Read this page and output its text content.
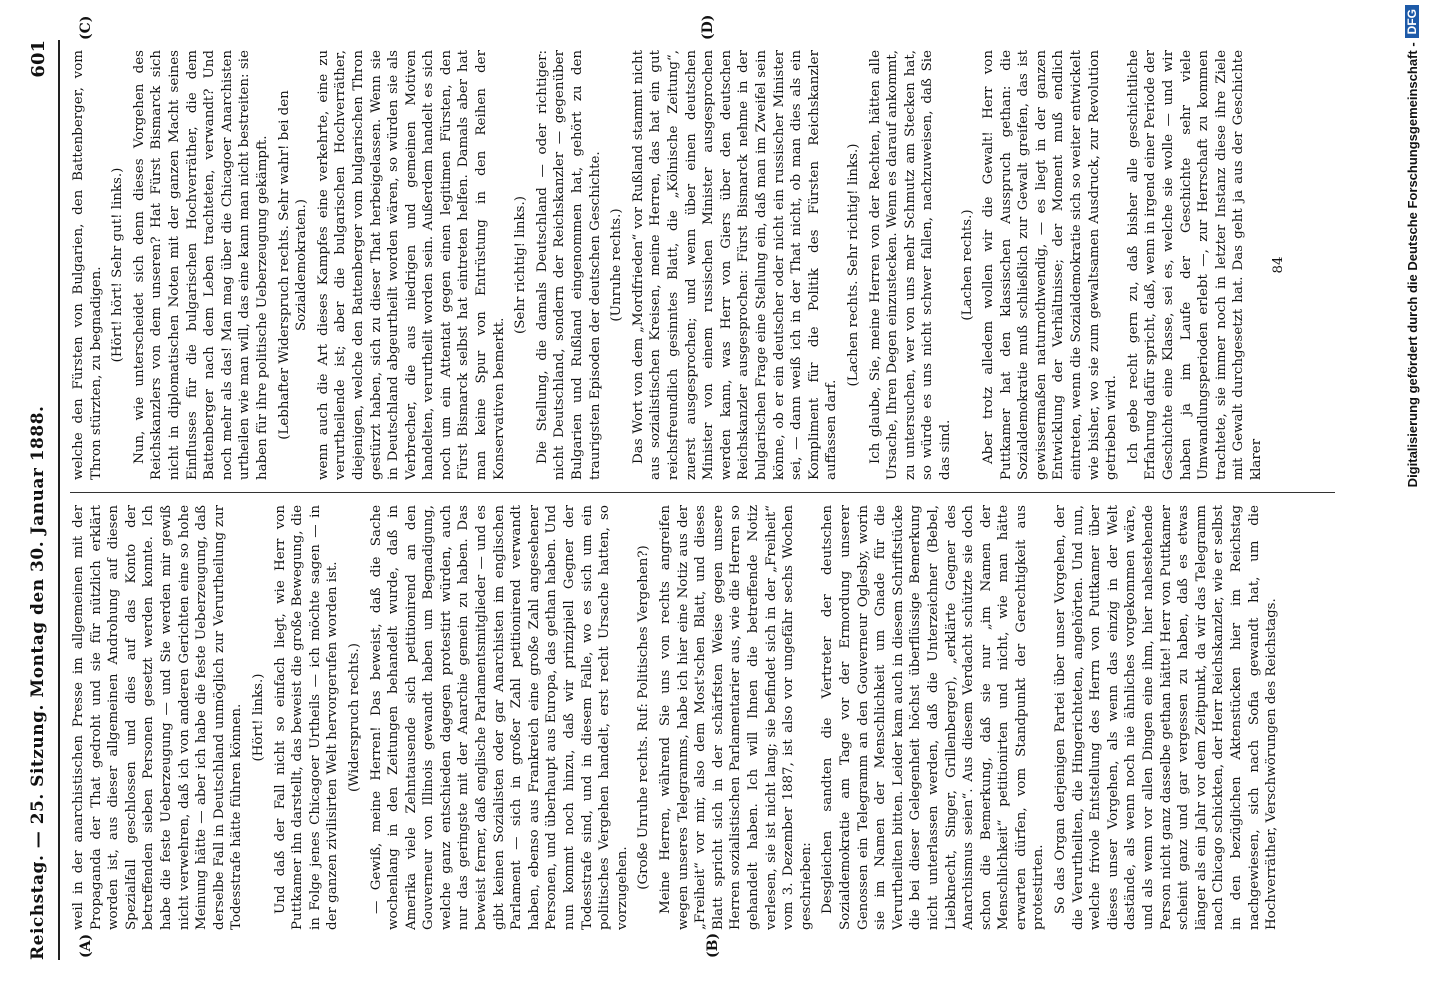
Reichstag. — 25. Sitzung. Montag den 30. Januar 1888.
601
(A)	(B)
(C)	(D)

weil in der anarchistischen Presse im allgemeinen mit der Propaganda der That gedroht und sie für nützlich erklärt worden ist, aus dieser allgemeinen Androhung auf diesen Spezialfall geschlossen und dies auf das Konto der betreffenden sieben Personen gesetzt werden konnte. Ich habe die feste Ueberzeugung — und Sie werden mir gewiß nicht verwehren, daß ich von anderen Gerichten eine so hohe Meinung hätte — aber ich habe die feste Ueberzeugung, daß derselbe Fall in Deutschland unmöglich zur Verurtheilung zur Todesstrafe hätte führen können. (Hört! links.) Und daß der Fall nicht so einfach liegt, wie Herr von Puttkamer ihn darstellt, das beweist die große Bewegung, die in Folge jenes Chicagoer Urtheils — ich möchte sagen — in der ganzen zivilisirten Welt hervorgerufen worden ist. (Widerspruch rechts.) — Gewiß, meine Herren! Das beweist, daß die Sache wochenlang in den Zeitungen behandelt wurde, daß in Amerika viele Zehntausende sich petitionirend an den Gouverneur von Illinois gewandt haben um Begnadigung, welche ganz entschieden dagegen protestirt würden, auch nur das geringste mit der Anarchie gemein zu haben. Das beweist ferner, daß englische Parlamentsmitglieder — und es gibt keinen Sozialisten oder gar Anarchisten im englischen Parlament — sich in großer Zahl petitionirend verwandt haben, ebenso aus Frankreich eine große Zahl angesehener Personen, und überhaupt aus Europa, das gethan haben. Und nun kommt noch hinzu, daß wir prinzipiell Gegner der Todesstrafe sind, und in diesem Falle, wo es sich um ein politisches Vergehen handelt, erst recht Ursache hatten, so vorzugehen. (Große Unruhe rechts. Ruf: Politisches Vergehen?) Meine Herren, während Sie uns von rechts angreifen wegen unseres Telegramms, habe ich hier eine Notiz aus der „Freiheit“ vor mir, also dem Most'schen Blatt, und dieses Blatt spricht sich in der schärfsten Weise gegen unsere Herren sozialistischen Parlamentarier aus, wie die Herren so gehandelt haben. Ich will Ihnen die betreffende Notiz verlesen, sie ist nicht lang; sie befindet sich in der „Freiheit“ vom 3. Dezember 1887, ist also vor ungefähr sechs Wochen geschrieben: Desgleichen sandten die Vertreter der deutschen Sozialdemokratie am Tage vor der Ermordung unserer Genossen ein Telegramm an den Gouverneur Oglesby, worin sie im Namen der Menschlichkeit um Gnade für die Verurtheilten bitten. Leider kam auch in diesem Schriftstücke die bei dieser Gelegenheit höchst überflüssige Bemerkung nicht unterlassen werden, daß die Unterzeichner (Bebel, Liebknecht, Singer, Grillenberger), „erklärte Gegner des Anarchismus seien“. Aus diesem Verdacht schützte sie doch schon die Bemerkung, daß sie nur „im Namen der Menschlichkeit“ petitionirten und nicht, wie man hätte erwarten dürfen, vom Standpunkt der Gerechtigkeit aus protestirten. So das Organ derjenigen Partei über unser Vorgehen, der die Verurtheilten, die Hingerichteten, angehörten. Und nun, welche frivole Entstellung des Herrn von Puttkamer über dieses unser Vorgehen, als wenn das einzig in der Welt dastände, als wenn noch nie ähnliches vorgekommen wäre, und als wenn vor allen Dingen eine ihm, hier nahestehende Person nicht ganz dasselbe gethan hätte! Herr von Puttkamer scheint ganz und gar vergessen zu haben, daß es etwas länger als ein Jahr vor dem Zeitpunkt, da wir das Telegramm nach Chicago schickten, der Herr Reichskanzler, wie er selbst in den bezüglichen Aktenstücken hier im Reichstag nachgewiesen, sich nach Sofia gewandt hat, um die Hochverräther, Verschwörungen des Reichstags.

welche den Fürsten von Bulgarien, den Battenberger, vom Thron stürzten, zu begnadigen.

(Hört! hört! Sehr gut! links.) Nun, wie unterscheidet sich denn dieses Vorgehen des Reichskanzlers von dem unseren? Hat Fürst Bismarck sich nicht in diplomatischen Noten mit der ganzen Macht seines Einflusses für die bulgarischen Hochverräther, die dem Battenberger nach dem Leben trachteten, verwandt? Und noch mehr als das! Man mag über die Chicagoer Anarchisten urtheilen wie man will, das eine kann man nicht bestreiten: sie haben für ihre politische Ueberzeugung gekämpft. (Lebhafter Widerspruch rechts. Sehr wahr! bei den Sozialdemokraten.) wenn auch die Art dieses Kampfes eine verkehrte, eine zu verurtheilende ist; aber die bulgarischen Hochverräther, diejenigen, welche den Battenberger vom bulgarischen Thron gestürzt haben, sich zu dieser That herbeigelassen. Wenn sie in Deutschland abgeurtheilt worden wären, so würden sie als Verbrecher, die aus niedrigen und gemeinen Motiven handelten, verurtheilt worden sein. Außerdem handelt es sich noch um ein Attentat gegen einen legitimen Fürsten, den Fürst Bismarck selbst hat eintreten helfen. Damals aber hat man keine Spur von Entrüstung in den Reihen der Konservativen bemerkt.

(Sehr richtig! links.) Die Stellung, die damals Deutschland — oder richtiger: nicht Deutschland, sondern der Reichskanzler — gegenüber Bulgarien und Rußland eingenommen hat, gehört zu den traurigsten Episoden der deutschen Geschichte. (Unruhe rechts.) Das Wort von dem „Mordfrieden“ vor Rußland stammt nicht aus sozialistischen Kreisen, meine Herren, das hat ein gut reichsfreundlich gesinntes Blatt, die „Kölnische Zeitung“, zuerst ausgesprochen; und wenn über einen deutschen Minister von einem russischen Minister ausgesprochen werden kann, was Herr von Giers über den deutschen Reichskanzler ausgesprochen: Fürst Bismarck nehme in der bulgarischen Frage eine Stellung ein, daß man im Zweifel sein könne, ob er ein deutscher oder nicht ein russischer Minister sei, — dann weiß ich in der That nicht, ob man dies als ein Kompliment für die Politik des Fürsten Reichskanzler auffassen darf.

(Lachen rechts. Sehr richtig! links.) Ich glaube, Sie, meine Herren von der Rechten, hätten alle Ursache, Ihren Degen einzustecken. Wenn es darauf ankommt, zu untersuchen, wer von uns mehr Schmutz am Stecken hat, so würde es uns nicht schwer fallen, nachzuweisen, daß Sie das sind.

(Lachen rechts.) Aber trotz alledem wollen wir die Gewalt! Herr von Puttkamer hat den klassischen Ausspruch gethan: die Sozialdemokratie muß schließlich zur Gewalt greifen, das ist gewissermaßen naturnothwendig, — es liegt in der ganzen Entwicklung der Verhältnisse; der Moment muß endlich eintreten, wenn die Sozialdemokratie sich so weiter entwickelt wie bisher, wo sie zum gewaltsamen Ausdruck, zur Revolution getrieben wird. Ich gebe recht gern zu, daß bisher alle geschichtliche Erfahrung dafür spricht, daß, wenn in irgend einer Periode der Geschichte eine Klasse, sei es, welche sie wolle — und wir haben ja im Laufe der Geschichte sehr viele Umwandlungsperioden erlebt —, zur Herrschaft zu kommen trachtete, sie immer noch in letzter Instanz diese ihre Ziele mit Gewalt durchgesetzt hat. Das geht ja aus der Geschichte klarer

84	Digitalisierung gefördert durch die Deutsche Forschungsgemeinschaft -
DFG
